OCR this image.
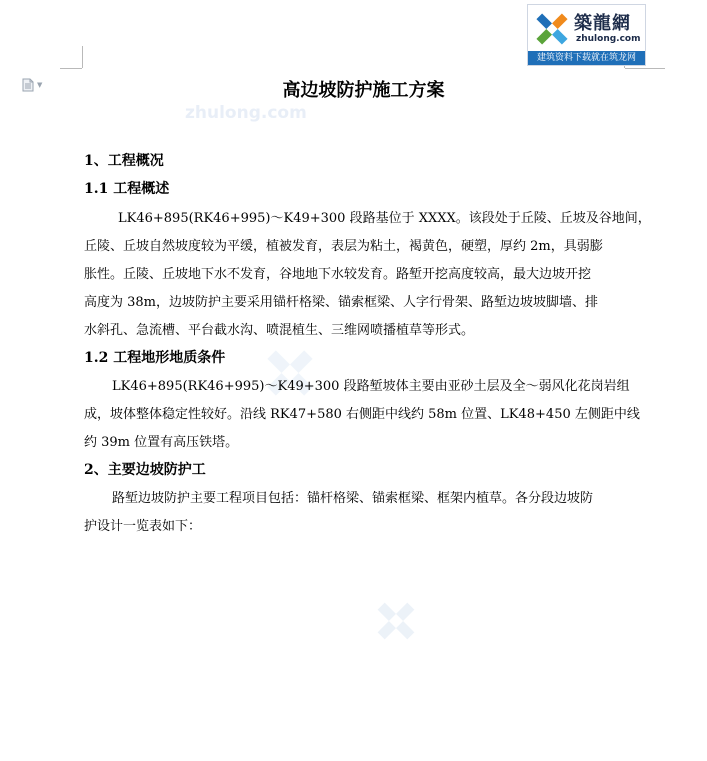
▼
築龍網
zhulong.com
建筑资料下载就在筑龙网
zhulong.com
高边坡防护施工方案
1、工程概况
1.1 工程概述
LK46+895(RK46+995)～K49+300 段路基位于 XXXX。该段处于丘陵、丘坡及谷地间，
丘陵、丘坡自然坡度较为平缓，植被发育，表层为粘土，褐黄色，硬塑，厚约 2m，具弱膨
胀性。丘陵、丘坡地下水不发育，谷地地下水较发育。路堑开挖高度较高，最大边坡开挖
高度为 38m，边坡防护主要采用锚杆格梁、锚索框梁、人字行骨架、路堑边坡坡脚墙、排
水斜孔、急流槽、平台截水沟、喷混植生、三维网喷播植草等形式。
1.2 工程地形地质条件
LK46+895(RK46+995)～K49+300 段路堑坡体主要由亚砂土层及全～弱风化花岗岩组
成，坡体整体稳定性较好。沿线 RK47+580 右侧距中线约 58m 位置、LK48+450 左侧距中线
约 39m 位置有高压铁塔。
2、主要边坡防护工
路堑边坡防护主要工程项目包括：锚杆格梁、锚索框梁、框架内植草。各分段边坡防
护设计一览表如下：
